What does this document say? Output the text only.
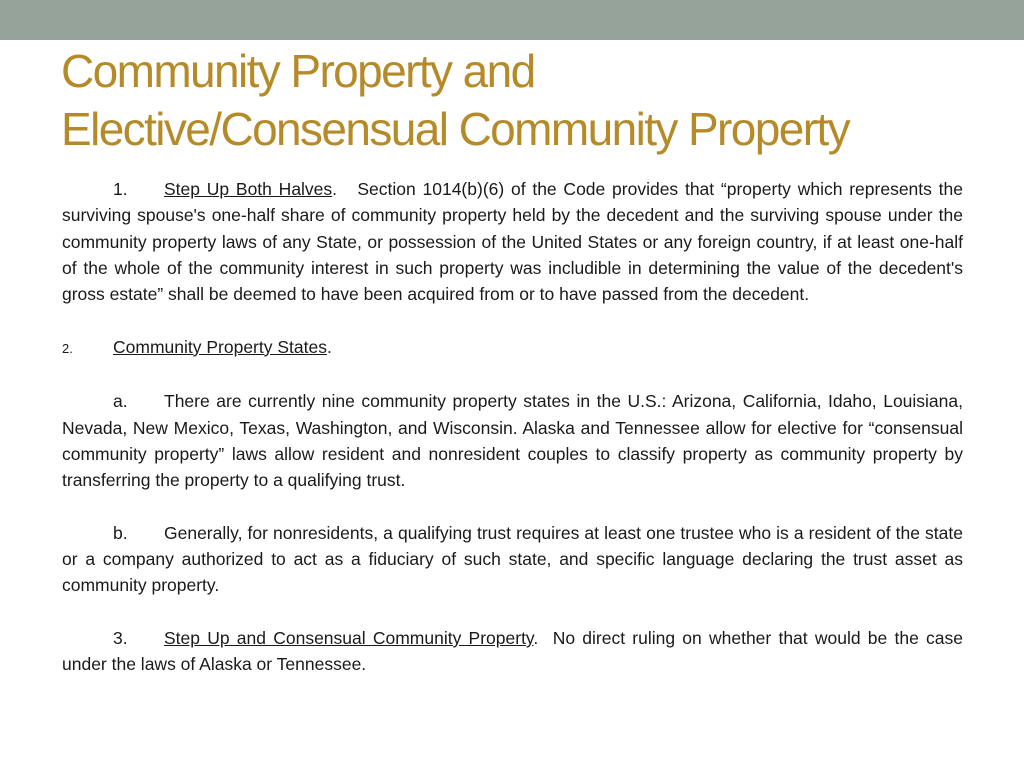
Community Property and
Elective/Consensual Community Property

1. Step Up Both Halves. Section 1014(b)(6) of the Code provides that “property which represents the surviving spouse's one-half share of community property held by the decedent and the surviving spouse under the community property laws of any State, or possession of the United States or any foreign country, if at least one-half of the whole of the community interest in such property was includible in determining the value of the decedent's gross estate” shall be deemed to have been acquired from or to have passed from the decedent.

2. Community Property States.

a. There are currently nine community property states in the U.S.: Arizona, California, Idaho, Louisiana, Nevada, New Mexico, Texas, Washington, and Wisconsin. Alaska and Tennessee allow for elective for “consensual community property” laws allow resident and nonresident couples to classify property as community property by transferring the property to a qualifying trust.

b. Generally, for nonresidents, a qualifying trust requires at least one trustee who is a resident of the state or a company authorized to act as a fiduciary of such state, and specific language declaring the trust asset as community property.

3. Step Up and Consensual Community Property. No direct ruling on whether that would be the case under the laws of Alaska or Tennessee.
